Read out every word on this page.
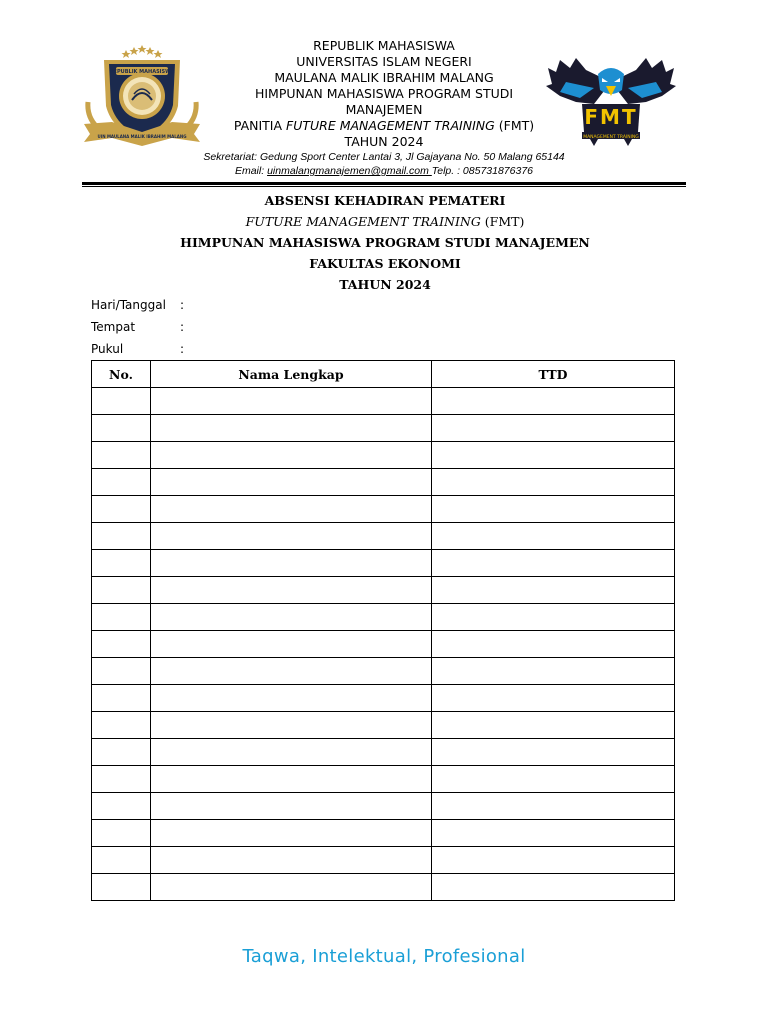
REPUBLIK MAHASISWA
UIN MAULANA MALIK IBRAHIM MALANG
FMT
MANAGEMENT TRAINING
REPUBLIK MAHASISWA
UNIVERSITAS ISLAM NEGERI
MAULANA MALIK IBRAHIM MALANG
HIMPUNAN MAHASISWA PROGRAM STUDI
MANAJEMEN
PANITIA FUTURE MANAGEMENT TRAINING (FMT)
TAHUN 2024
Sekretariat: Gedung Sport Center Lantai 3, Jl Gajayana No. 50 Malang 65144
Email: uinmalangmanajemen@gmail.com Telp. : 085731876376
ABSENSI KEHADIRAN PEMATERI
FUTURE MANAGEMENT TRAINING (FMT)
HIMPUNAN MAHASISWA PROGRAM STUDI MANAJEMEN
FAKULTAS EKONOMI
TAHUN 2024
Hari/Tanggal :
Tempat	:
Pukul	:
No.	Nama Lengkap	TTD

Taqwa, Intelektual, Profesional
